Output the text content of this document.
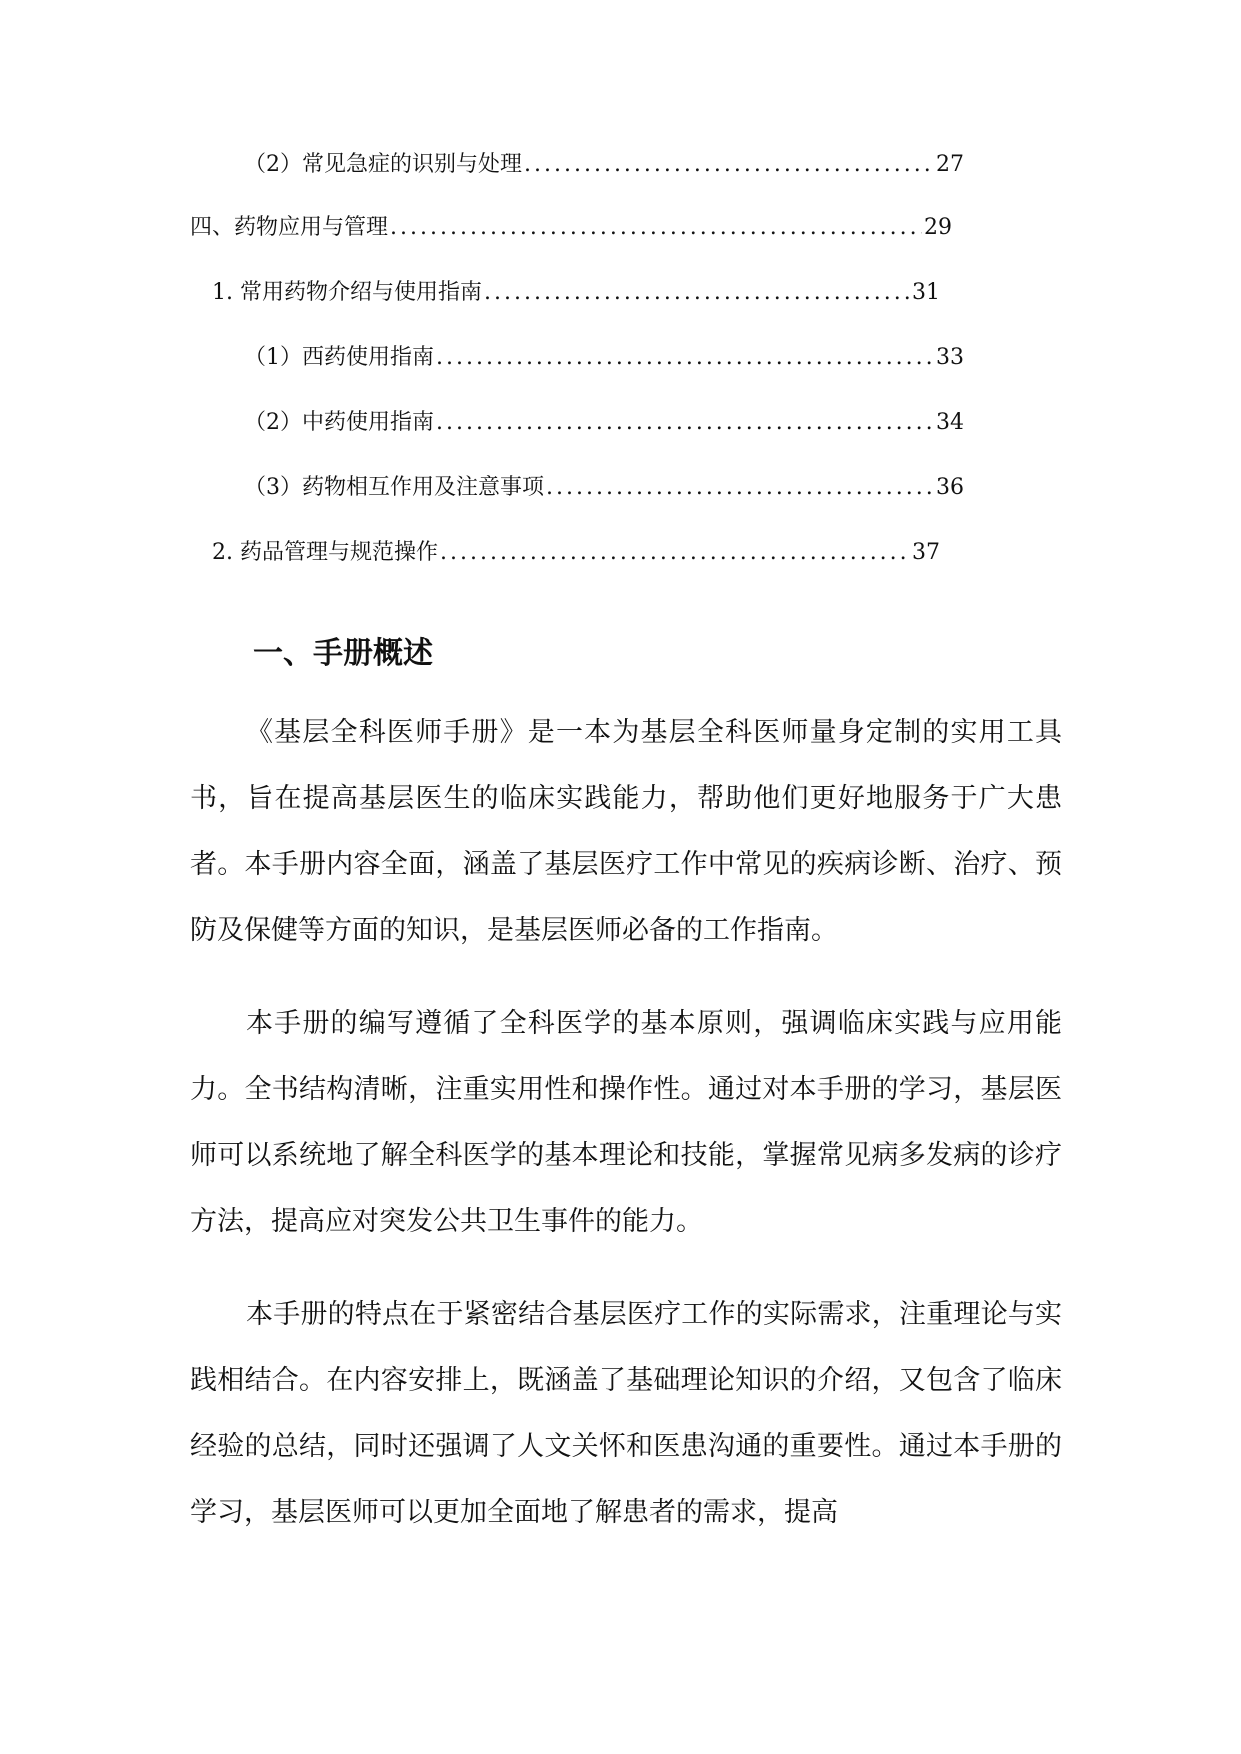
（2）常见急症的识别与处理 .....	27
四、药物应用与管理 .....	29
1. 常用药物介绍与使用指南 .....	31
（1）西药使用指南 .....	33
（2）中药使用指南 .....	34
（3）药物相互作用及注意事项 .....	36
2. 药品管理与规范操作 .....	37
一、手册概述

《基层全科医师手册》是一本为基层全科医师量身定制的实用工具书，旨在提高基层医生的临床实践能力，帮助他们更好地服务于广大患者。本手册内容全面，涵盖了基层医疗工作中常见的疾病诊断、治疗、预防及保健等方面的知识，是基层医师必备的工作指南。

本手册的编写遵循了全科医学的基本原则，强调临床实践与应用能力。全书结构清晰，注重实用性和操作性。通过对本手册的学习，基层医师可以系统地了解全科医学的基本理论和技能，掌握常见病多发病的诊疗方法，提高应对突发公共卫生事件的能力。

本手册的特点在于紧密结合基层医疗工作的实际需求，注重理论与实践相结合。在内容安排上，既涵盖了基础理论知识的介绍，又包含了临床经验的总结，同时还强调了人文关怀和医患沟通的重要性。通过本手册的学习，基层医师可以更加全面地了解患者的需求，提高
